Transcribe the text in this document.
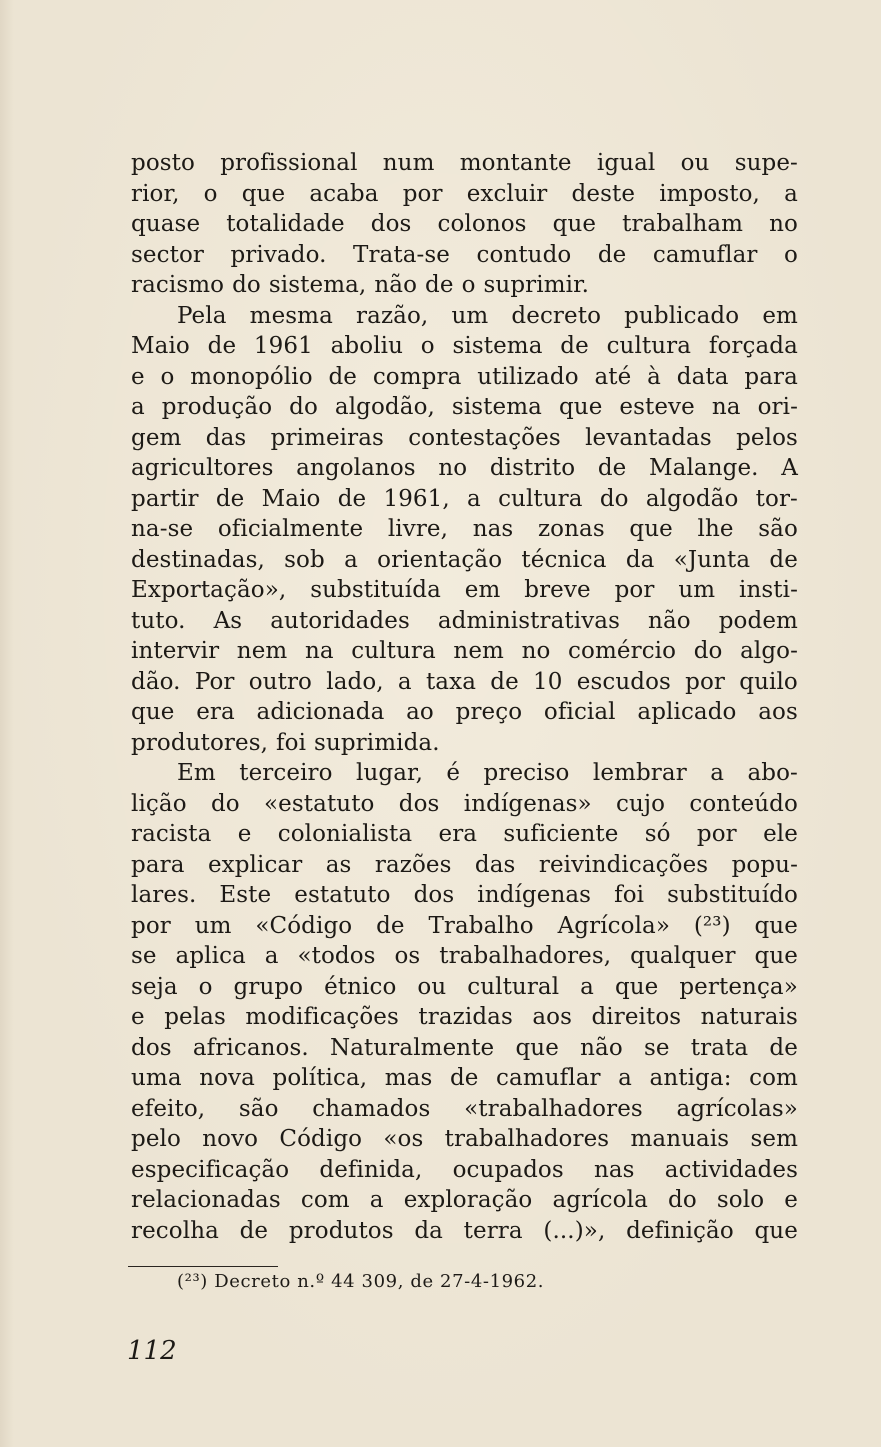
posto profissional num montante igual ou supe-
rior, o que acaba por excluir deste imposto, a
quase totalidade dos colonos que trabalham no
sector privado. Trata-se contudo de camuflar o
racismo do sistema, não de o suprimir.
Pela mesma razão, um decreto publicado em
Maio de 1961 aboliu o sistema de cultura forçada
e o monopólio de compra utilizado até à data para
a produção do algodão, sistema que esteve na ori-
gem das primeiras contestações levantadas pelos
agricultores angolanos no distrito de Malange. A
partir de Maio de 1961, a cultura do algodão tor-
na-se oficialmente livre, nas zonas que lhe são
destinadas, sob a orientação técnica da «Junta de
Exportação», substituída em breve por um insti-
tuto. As autoridades administrativas não podem
intervir nem na cultura nem no comércio do algo-
dão. Por outro lado, a taxa de 10 escudos por quilo
que era adicionada ao preço oficial aplicado aos
produtores, foi suprimida.
Em terceiro lugar, é preciso lembrar a abo-
lição do «estatuto dos indígenas» cujo conteúdo
racista e colonialista era suficiente só por ele
para explicar as razões das reivindicações popu-
lares. Este estatuto dos indígenas foi substituído
por um «Código de Trabalho Agrícola» (²³) que
se aplica a «todos os trabalhadores, qualquer que
seja o grupo étnico ou cultural a que pertença»
e pelas modificações trazidas aos direitos naturais
dos africanos. Naturalmente que não se trata de
uma nova política, mas de camuflar a antiga: com
efeito, são chamados «trabalhadores agrícolas»
pelo novo Código «os trabalhadores manuais sem
especificação definida, ocupados nas actividades
relacionadas com a exploração agrícola do solo e
recolha de produtos da terra (...)», definição que
(²³) Decreto n.º 44 309, de 27-4-1962.
112
